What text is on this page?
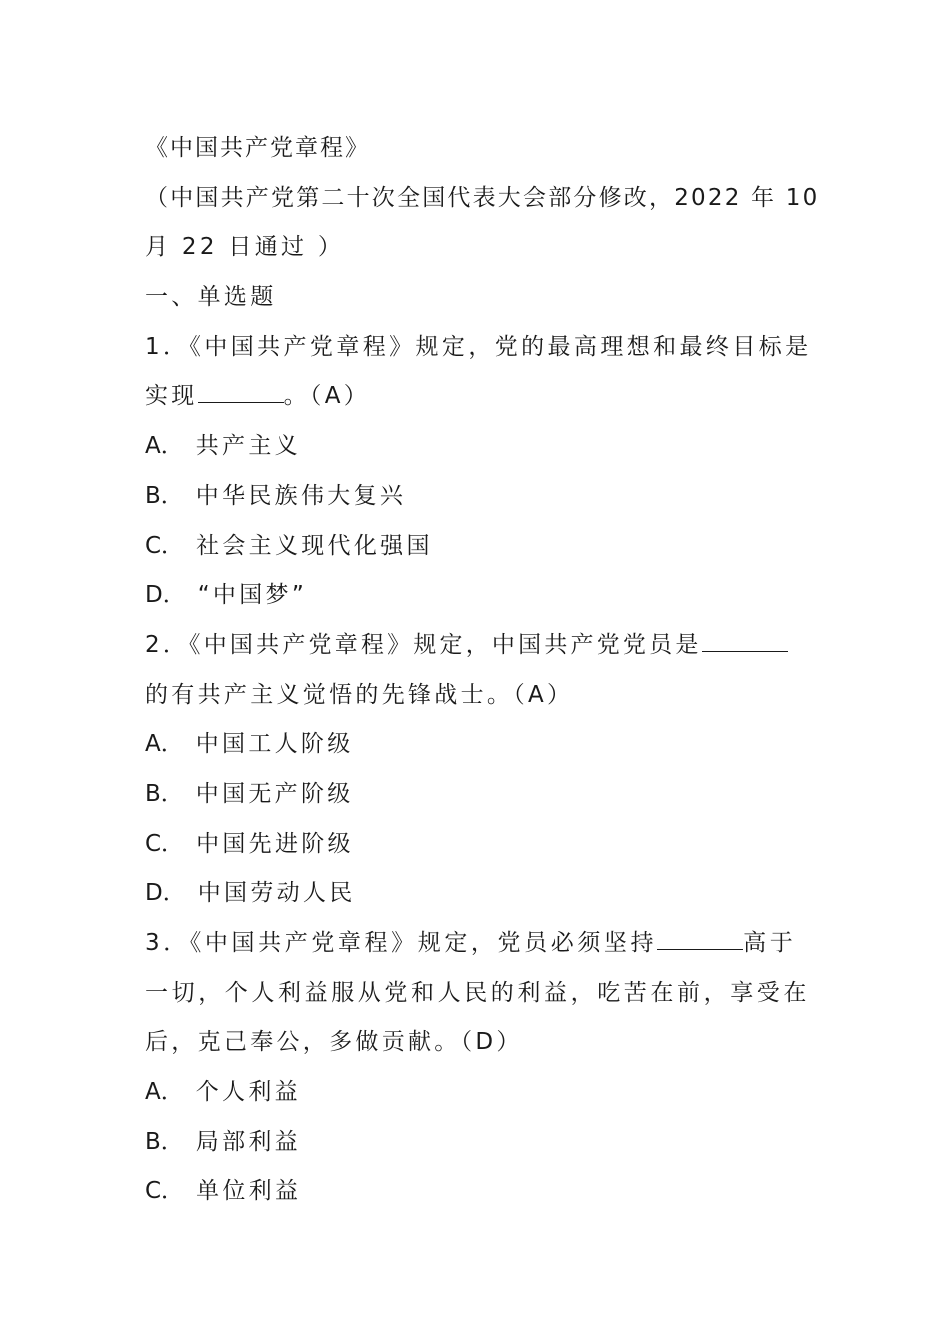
《中国共产党章程》
（中国共产党第二十次全国代表大会部分修改，2022 年 10
月 22 日通过 ）
一、单选题
1．《中国共产党章程》规定，党的最高理想和最终目标是
实现	。（A）
A． 共产主义
B． 中华民族伟大复兴
C． 社会主义现代化强国
D． “中国梦”
2．《中国共产党章程》规定，中国共产党党员是
的有共产主义觉悟的先锋战士。（A）
A． 中国工人阶级
B． 中国无产阶级
C． 中国先进阶级
D． 中国劳动人民
3．《中国共产党章程》规定，党员必须坚持	高于
一切，个人利益服从党和人民的利益，吃苦在前，享受在
后，克己奉公，多做贡献。（D）
A． 个人利益
B． 局部利益
C． 单位利益
